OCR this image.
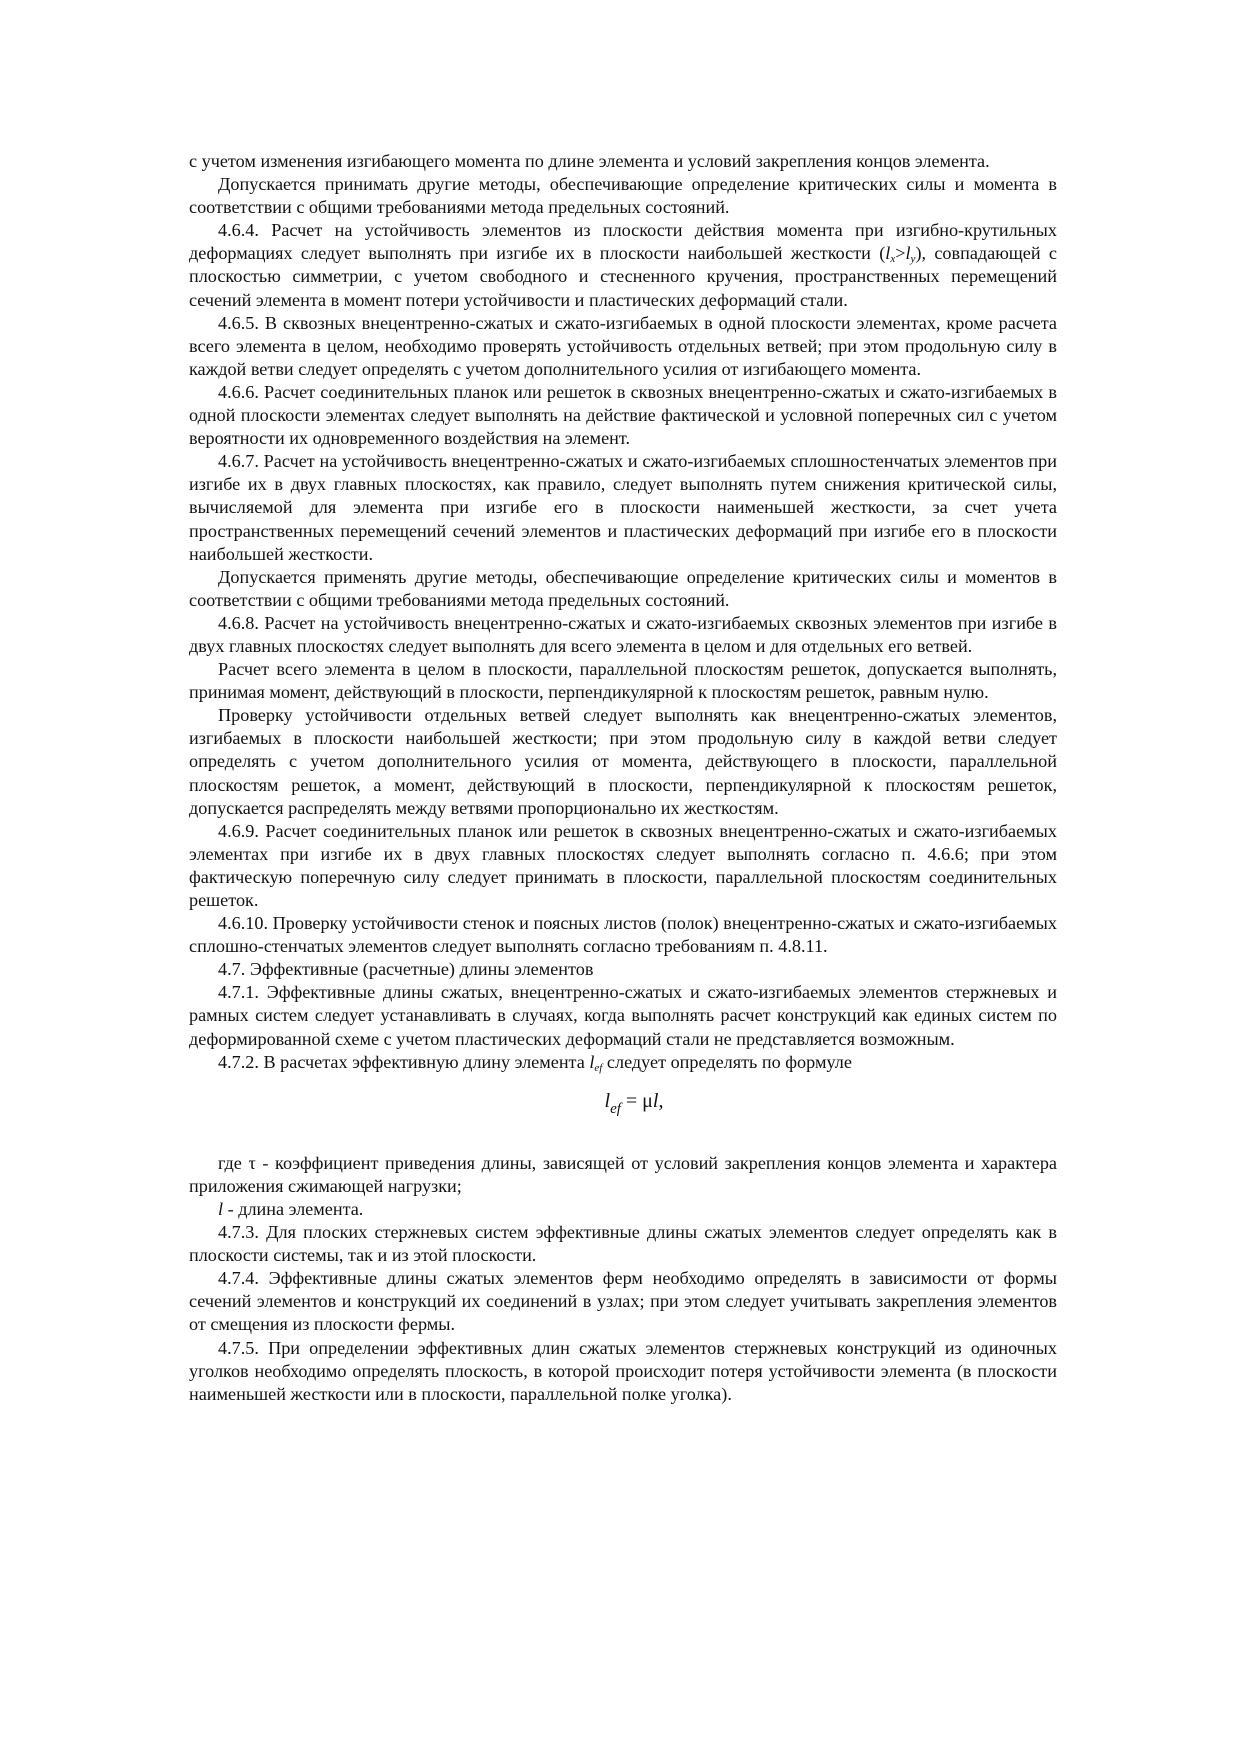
с учетом изменения изгибающего момента по длине элемента и условий закрепления концов элемента.

Допускается принимать другие методы, обеспечивающие определение критических силы и момента в соответствии с общими требованиями метода предельных состояний.

4.6.4. Расчет на устойчивость элементов из плоскости действия момента при изгибно-крутильных деформациях следует выполнять при изгибе их в плоскости наибольшей жесткости $(l_x>l_y)$, совпадающей с плоскостью симметрии, с учетом свободного и стесненного кручения, пространственных перемещений сечений элемента в момент потери устойчивости и пластических деформаций стали.

4.6.5. В сквозных внецентренно-сжатых и сжато-изгибаемых в одной плоскости элементах, кроме расчета всего элемента в целом, необходимо проверять устойчивость отдельных ветвей; при этом продольную силу в каждой ветви следует определять с учетом дополнительного усилия от изгибающего момента.

4.6.6. Расчет соединительных планок или решеток в сквозных внецентренно-сжатых и сжато-изгибаемых в одной плоскости элементах следует выполнять на действие фактической и условной поперечных сил с учетом вероятности их одновременного воздействия на элемент.

4.6.7. Расчет на устойчивость внецентренно-сжатых и сжато-изгибаемых сплошностенчатых элементов при изгибе их в двух главных плоскостях, как правило, следует выполнять путем снижения критической силы, вычисляемой для элемента при изгибе его в плоскости наименьшей жесткости, за счет учета пространственных перемещений сечений элементов и пластических деформаций при изгибе его в плоскости наибольшей жесткости.

Допускается применять другие методы, обеспечивающие определение критических силы и моментов в соответствии с общими требованиями метода предельных состояний.

4.6.8. Расчет на устойчивость внецентренно-сжатых и сжато-изгибаемых сквозных элементов при изгибе в двух главных плоскостях следует выполнять для всего элемента в целом и для отдельных его ветвей.

Расчет всего элемента в целом в плоскости, параллельной плоскостям решеток, допускается выполнять, принимая момент, действующий в плоскости, перпендикулярной к плоскостям решеток, равным нулю.

Проверку устойчивости отдельных ветвей следует выполнять как внецентренно-сжатых элементов, изгибаемых в плоскости наибольшей жесткости; при этом продольную силу в каждой ветви следует определять с учетом дополнительного усилия от момента, действующего в плоскости, параллельной плоскостям решеток, а момент, действующий в плоскости, перпендикулярной к плоскостям решеток, допускается распределять между ветвями пропорционально их жесткостям.

4.6.9. Расчет соединительных планок или решеток в сквозных внецентренно-сжатых и сжато-изгибаемых элементах при изгибе их в двух главных плоскостях следует выполнять согласно п. 4.6.6; при этом фактическую поперечную силу следует принимать в плоскости, параллельной плоскостям соединительных решеток.

4.6.10. Проверку устойчивости стенок и поясных листов (полок) внецентренно-сжатых и сжато-изгибаемых сплошно-стенчатых элементов следует выполнять согласно требованиям п. 4.8.11.

4.7. Эффективные (расчетные) длины элементов

4.7.1. Эффективные длины сжатых, внецентренно-сжатых и сжато-изгибаемых элементов стержневых и рамных систем следует устанавливать в случаях, когда выполнять расчет конструкций как единых систем по деформированной схеме с учетом пластических деформаций стали не представляется возможным.

4.7.2. В расчетах эффективную длину элемента $l_{ef}$ следует определять по формуле

$l_{ef} = \mu l$,

где τ - коэффициент приведения длины, зависящей от условий закрепления концов элемента и характера приложения сжимающей нагрузки;

l - длина элемента.

4.7.3. Для плоских стержневых систем эффективные длины сжатых элементов следует определять как в плоскости системы, так и из этой плоскости.

4.7.4. Эффективные длины сжатых элементов ферм необходимо определять в зависимости от формы сечений элементов и конструкций их соединений в узлах; при этом следует учитывать закрепления элементов от смещения из плоскости фермы.

4.7.5. При определении эффективных длин сжатых элементов стержневых конструкций из одиночных уголков необходимо определять плоскость, в которой происходит потеря устойчивости элемента (в плоскости наименьшей жесткости или в плоскости, параллельной полке уголка).
